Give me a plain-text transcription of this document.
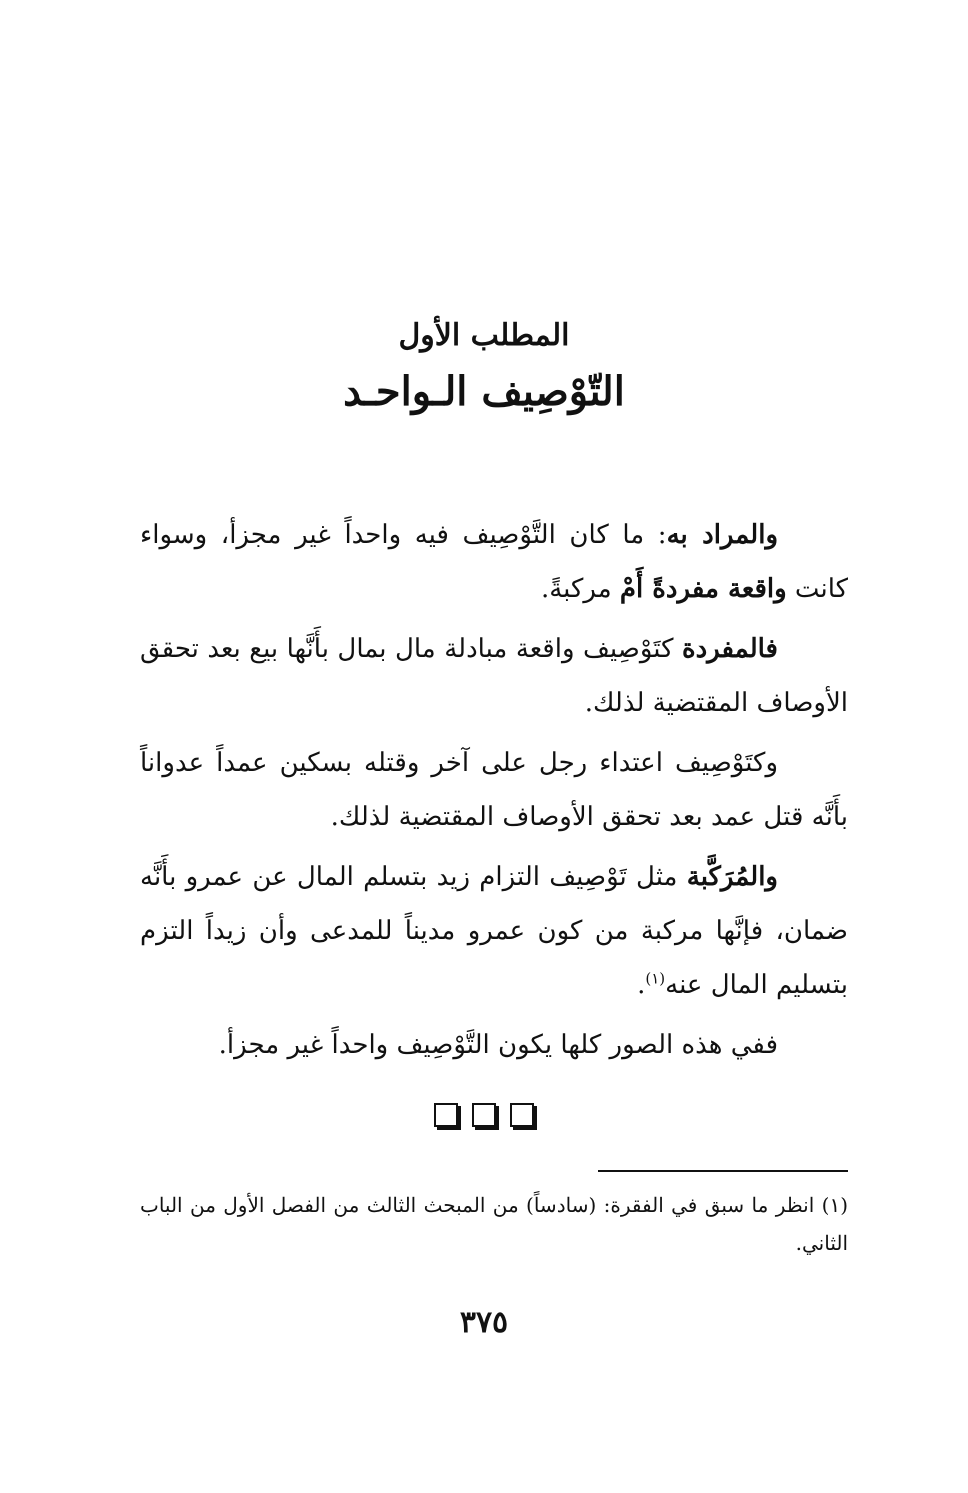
المطلب الأول
التّوْصِيف الـواحـد

والمراد به: ما كان التَّوْصِيف فيه واحداً غير مجزأ، وسواء كانت واقعة مفردةً أَمْ مركبةً.

فالمفردة كتَوْصِيف واقعة مبادلة مال بمال بأَنَّها بيع بعد تحقق الأوصاف المقتضية لذلك.

وكتَوْصِيف اعتداء رجل على آخر وقتله بسكين عمداً عدواناً بأَنَّه قتل عمد بعد تحقق الأوصاف المقتضية لذلك.

والمُرَكَّبة مثل تَوْصِيف التزام زيد بتسلم المال عن عمرو بأَنَّه ضمان، فإنَّها مركبة من كون عمرو مديناً للمدعى وأن زيداً التزم بتسليم المال عنه$^{(١)}$.

ففي هذه الصور كلها يكون التَّوْصِيف واحداً غير مجزأ.

(١) انظر ما سبق في الفقرة: (سادساً) من المبحث الثالث من الفصل الأول من الباب الثاني.
٣٧٥
